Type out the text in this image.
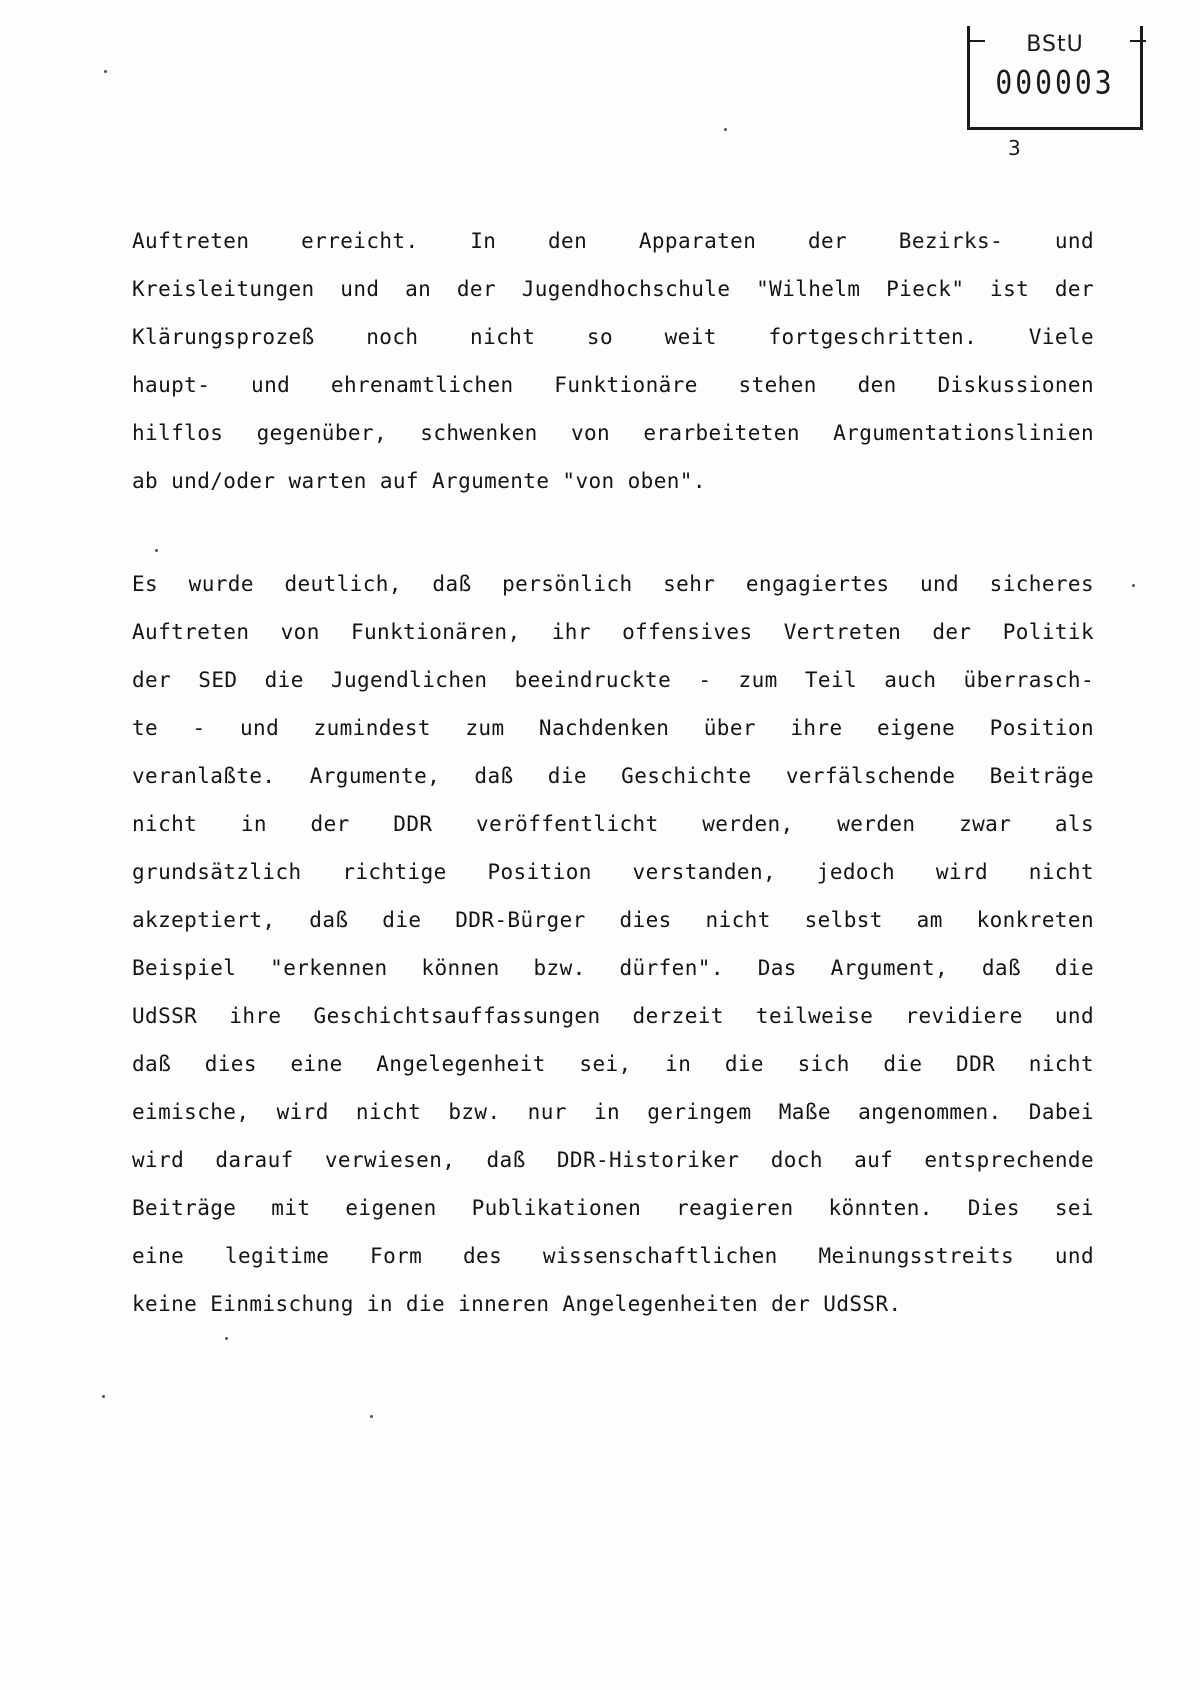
BStU
000003
3

Auftreten erreicht. In den Apparaten der Bezirks- und
Kreisleitungen und an der Jugendhochschule "Wilhelm Pieck" ist der
Klärungsprozeß noch nicht so weit fortgeschritten. Viele
haupt- und ehrenamtlichen Funktionäre stehen den Diskussionen
hilflos gegenüber, schwenken von erarbeiteten Argumentationslinien
ab und/oder warten auf Argumente "von oben".

Es wurde deutlich, daß persönlich sehr engagiertes und sicheres
Auftreten von Funktionären, ihr offensives Vertreten der Politik
der SED die Jugendlichen beeindruckte - zum Teil auch überrasch-
te - und zumindest zum Nachdenken über ihre eigene Position
veranlaßte. Argumente, daß die Geschichte verfälschende Beiträge
nicht in der DDR veröffentlicht werden, werden zwar als
grundsätzlich richtige Position verstanden, jedoch wird nicht
akzeptiert, daß die DDR-Bürger dies nicht selbst am konkreten
Beispiel "erkennen können bzw. dürfen". Das Argument, daß die
UdSSR ihre Geschichtsauffassungen derzeit teilweise revidiere und
daß dies eine Angelegenheit sei, in die sich die DDR nicht
eimische, wird nicht bzw. nur in geringem Maße angenommen. Dabei
wird darauf verwiesen, daß DDR-Historiker doch auf entsprechende
Beiträge mit eigenen Publikationen reagieren könnten. Dies sei
eine legitime Form des wissenschaftlichen Meinungsstreits und
keine Einmischung in die inneren Angelegenheiten der UdSSR.
